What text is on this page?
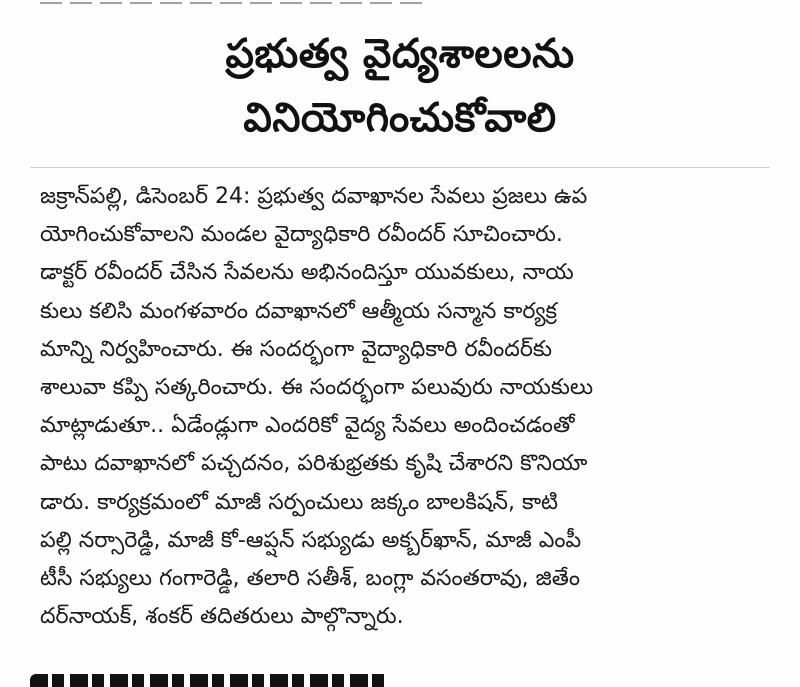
ప్రభుత్వ వైద్యశాలలను
వినియోగించుకోవాలి
జక్రాన్‌పల్లి, డిసెంబర్ 24: ప్రభుత్వ దవాఖానల సేవలు ప్రజలు ఉప
యోగించుకోవాలని మండల వైద్యాధికారి రవీందర్ సూచించారు.
డాక్టర్ రవీందర్ చేసిన సేవలను అభినందిస్తూ యువకులు, నాయ
కులు కలిసి మంగళవారం దవాఖానలో ఆత్మీయ సన్మాన కార్యక్ర
మాన్ని నిర్వహించారు. ఈ సందర్భంగా వైద్యాధికారి రవీందర్‌కు
శాలువా కప్పి సత్కరించారు. ఈ సందర్భంగా పలువురు నాయకులు
మాట్లాడుతూ.. ఏడేండ్లుగా ఎందరికో వైద్య సేవలు అందించడంతో
పాటు దవాఖానలో పచ్చదనం, పరిశుభ్రతకు కృషి చేశారని కొనియా
డారు. కార్యక్రమంలో మాజీ సర్పంచులు జక్కం బాలకిషన్, కాటి
పల్లి నర్సారెడ్డి, మాజీ కో-ఆప్షన్ సభ్యుడు అక్బర్‌ఖాన్, మాజీ ఎంపీ
టీసీ సభ్యులు గంగారెడ్డి, తలారి సతీశ్, బంగ్లా వసంతరావు, జితేం
దర్‌నాయక్, శంకర్ తదితరులు పాల్గొన్నారు.
